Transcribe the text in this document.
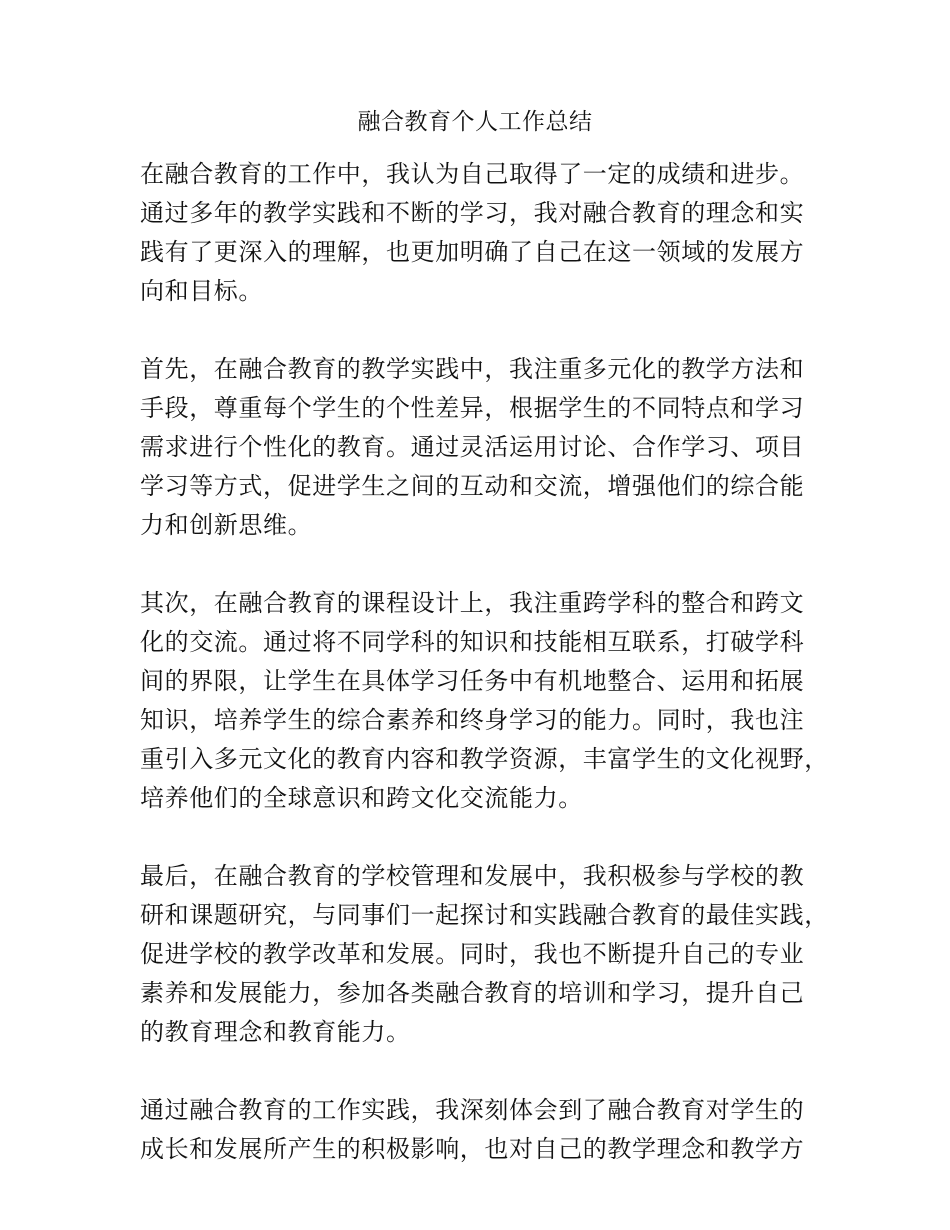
融合教育个人工作总结

在融合教育的工作中，我认为自己取得了一定的成绩和进步。
通过多年的教学实践和不断的学习，我对融合教育的理念和实
践有了更深入的理解，也更加明确了自己在这一领域的发展方
向和目标。

首先，在融合教育的教学实践中，我注重多元化的教学方法和
手段，尊重每个学生的个性差异，根据学生的不同特点和学习
需求进行个性化的教育。通过灵活运用讨论、合作学习、项目
学习等方式，促进学生之间的互动和交流，增强他们的综合能
力和创新思维。

其次，在融合教育的课程设计上，我注重跨学科的整合和跨文
化的交流。通过将不同学科的知识和技能相互联系，打破学科
间的界限，让学生在具体学习任务中有机地整合、运用和拓展
知识，培养学生的综合素养和终身学习的能力。同时，我也注
重引入多元文化的教育内容和教学资源，丰富学生的文化视野，
培养他们的全球意识和跨文化交流能力。

最后，在融合教育的学校管理和发展中，我积极参与学校的教
研和课题研究，与同事们一起探讨和实践融合教育的最佳实践，
促进学校的教学改革和发展。同时，我也不断提升自己的专业
素养和发展能力，参加各类融合教育的培训和学习，提升自己
的教育理念和教育能力。

通过融合教育的工作实践，我深刻体会到了融合教育对学生的
成长和发展所产生的积极影响，也对自己的教学理念和教学方
